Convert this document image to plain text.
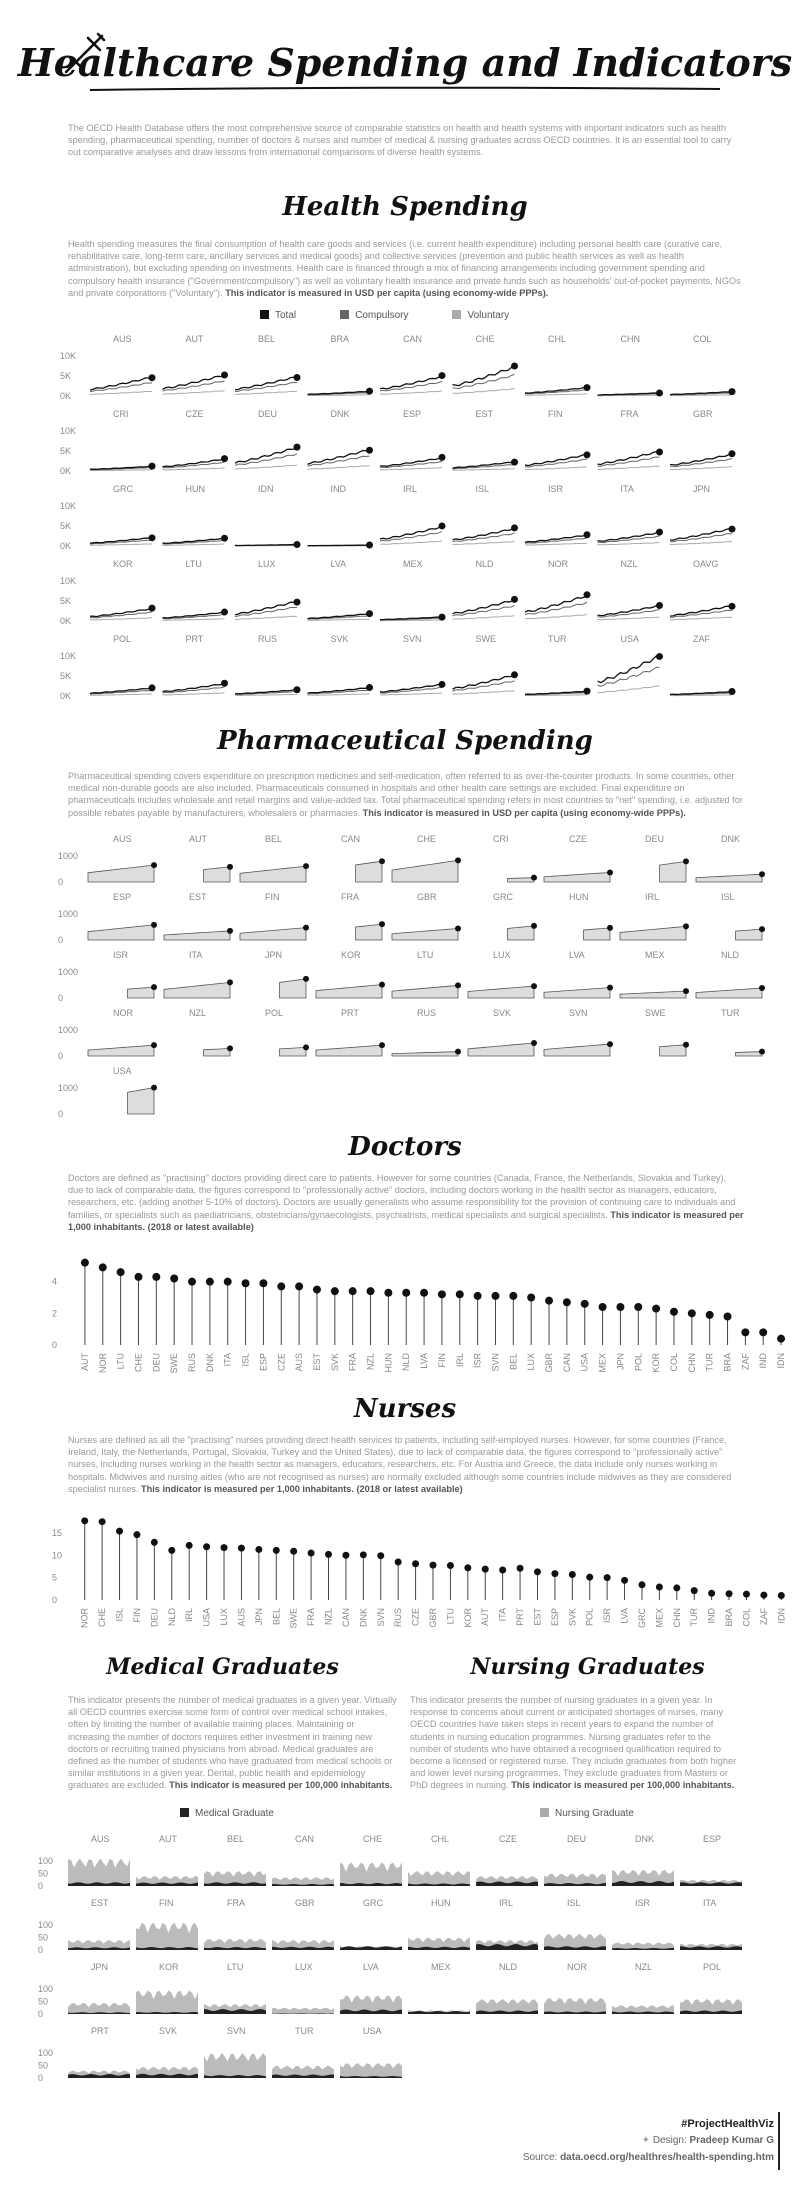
Healthcare Spending and Indicators
The OECD Health Database offers the most comprehensive source of comparable statistics on health and health systems with important indicators such as health spending, pharmaceutical spending, number of doctors & nurses and number of medical & nursing graduates across OECD countries. It is an essential tool to carry out comparative analyses and draw lessons from international comparisons of diverse health systems.
Health Spending
Health spending measures the final consumption of health care goods and services (i.e. current health expenditure) including personal health care (curative care, rehabilitative care, long-term care, ancillary services and medical goods) and collective services (prevention and public health services as well as health administration), but excluding spending on investments. Health care is financed through a mix of financing arrangements including government spending and compulsory health insurance ("Government/compulsory") as well as voluntary health insurance and private funds such as households' out-of-pocket payments, NGOs and private corporations ("Voluntary"). This indicator is measured in USD per capita (using economy-wide PPPs).
Total	Compulsory	Voluntary
AUS
10K
5K
0K
AUT	BEL	BRA	CAN	CHE	CHL	CHN	COL
CRI
10K
5K
0K
CZE	DEU	DNK	ESP	EST	FIN	FRA	GBR
GRC
10K
5K
0K
HUN	IDN	IND	IRL	ISL	ISR	ITA	JPN
KOR
10K
5K
0K
LTU	LUX	LVA	MEX	NLD	NOR	NZL	OAVG
POL
10K
5K
0K
PRT	RUS	SVK	SVN	SWE	TUR	USA	ZAF
Pharmaceutical Spending
Pharmaceutical spending covers expenditure on prescription medicines and self-medication, often referred to as over-the-counter products. In some countries, other medical non-durable goods are also included. Pharmaceuticals consumed in hospitals and other health care settings are excluded. Final expenditure on pharmaceuticals includes wholesale and retail margins and value-added tax. Total pharmaceutical spending refers in most countries to "net" spending, i.e. adjusted for possible rebates payable by manufacturers, wholesalers or pharmacies. This indicator is measured in USD per capita (using economy-wide PPPs).
AUS
1000
0
AUT	BEL	CAN	CHE	CRI	CZE	DEU	DNK
ESP
1000
0
EST	FIN	FRA	GBR	GRC	HUN	IRL	ISL
ISR
1000
0
ITA	JPN	KOR	LTU	LUX	LVA	MEX	NLD
NOR
1000
0
NZL	POL	PRT	RUS	SVK	SVN	SWE	TUR
USA
1000
0
Doctors
Doctors are defined as "practising" doctors providing direct care to patients. However for some countries (Canada, France, the Netherlands, Slovakia and Turkey), due to lack of comparable data, the figures correspond to "professionally active" doctors, including doctors working in the health sector as managers, educators, researchers, etc. (adding another 5-10% of doctors). Doctors are usually generalists who assume responsibility for the provision of continuing care to individuals and families, or specialists such as paediatricians, obstetricians/gynaecologists, psychiatrists, medical specialists and surgical specialists. This indicator is measured per 1,000 inhabitants. (2018 or latest available)
4
2
0
AUT NOR LTU CHE DEU SWE RUS DNK ITA ISL ESP CZE AUS EST SVK FRA NZL HUN NLD LVA FIN IRL ISR SVN BEL LUX GBR CAN USA MEX JPN POL KOR COL CHN TUR BRA ZAF IND IDN
Nurses
Nurses are defined as all the "practising" nurses providing direct health services to patients, including self-employed nurses. However, for some countries (France, Ireland, Italy, the Netherlands, Portugal, Slovakia, Turkey and the United States), due to lack of comparable data, the figures correspond to "professionally active" nurses, including nurses working in the health sector as managers, educators, researchers, etc. For Austria and Greece, the data include only nurses working in hospitals. Midwives and nursing aides (who are not recognised as nurses) are normally excluded although some countries include midwives as they are considered specialist nurses. This indicator is measured per 1,000 inhabitants. (2018 or latest available)
15
10
5
0
NOR CHE ISL FIN DEU NLD IRL USA LUX AUS JPN BEL SWE FRA NZL CAN DNK SVN RUS CZE GBR LTU KOR AUT ITA PRT EST ESP SVK POL ISR LVA GRC MEX CHN TUR IND BRA COL ZAF IDN
Medical Graduates	Nursing Graduates
This indicator presents the number of medical graduates in a given year. Virtually all OECD countries exercise some form of control over medical school intakes, often by limiting the number of available training places. Maintaining or increasing the number of doctors requires either investment in training new doctors or recruiting trained physicians from abroad. Medical graduates are defined as the number of students who have graduated from medical schools or similar institutions in a given year. Dental, public health and epidemiology graduates are excluded. This indicator is measured per 100,000 inhabitants.
This indicator presents the number of nursing graduates in a given year. In response to concerns about current or anticipated shortages of nurses, many OECD countries have taken steps in recent years to expand the number of students in nursing education programmes. Nursing graduates refer to the number of students who have obtained a recognised qualification required to become a licensed or registered nurse. They include graduates from both higher and lower level nursing programmes. They exclude graduates from Masters or PhD degrees in nursing. This indicator is measured per 100,000 inhabitants.
Medical Graduate	Nursing Graduate
AUS
100
50
0
AUT	BEL	CAN	CHE	CHL	CZE	DEU	DNK	ESP
EST
100
50
0
FIN	FRA	GBR	GRC	HUN	IRL	ISL	ISR	ITA
JPN
100
50
0
KOR	LTU	LUX	LVA	MEX	NLD	NOR	NZL	POL
PRT
100
50
0
SVK	SVN	TUR	USA
#ProjectHealthViz
✦ Design: Pradeep Kumar G
Source: data.oecd.org/healthres/health-spending.htm
